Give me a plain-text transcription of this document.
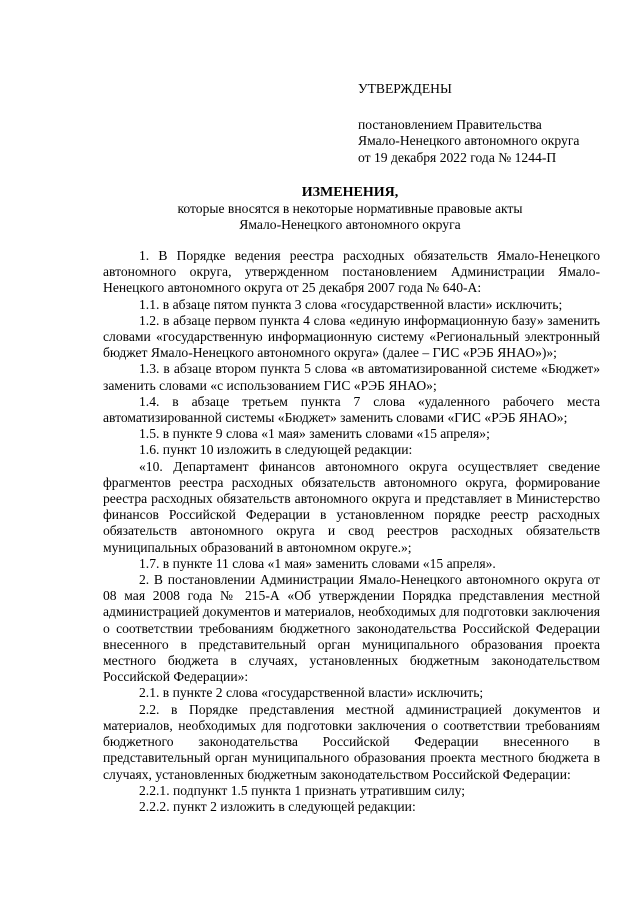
УТВЕРЖДЕНЫ
постановлением Правительства
Ямало-Ненецкого автономного округа
от 19 декабря 2022 года № 1244-П
ИЗМЕНЕНИЯ,
которые вносятся в некоторые нормативные правовые акты
Ямало-Ненецкого автономного округа

1. В Порядке ведения реестра расходных обязательств Ямало-Ненецкого автономного округа, утвержденном постановлением Администрации Ямало-Ненецкого автономного округа от 25 декабря 2007 года № 640-А:

1.1. в абзаце пятом пункта 3 слова «государственной власти» исключить;

1.2. в абзаце первом пункта 4 слова «единую информационную базу» заменить словами «государственную информационную систему «Региональный электронный бюджет Ямало-Ненецкого автономного округа» (далее – ГИС «РЭБ ЯНАО»)»;

1.3. в абзаце втором пункта 5 слова «в автоматизированной системе «Бюджет» заменить словами «с использованием ГИС «РЭБ ЯНАО»;

1.4. в абзаце третьем пункта 7 слова «удаленного рабочего места автоматизированной системы «Бюджет» заменить словами «ГИС «РЭБ ЯНАО»;

1.5. в пункте 9 слова «1 мая» заменить словами «15 апреля»;

1.6. пункт 10 изложить в следующей редакции:

«10. Департамент финансов автономного округа осуществляет сведение фрагментов реестра расходных обязательств автономного округа, формирование реестра расходных обязательств автономного округа и представляет в Министерство финансов Российской Федерации в установленном порядке реестр расходных обязательств автономного округа и свод реестров расходных обязательств муниципальных образований в автономном округе.»;

1.7. в пункте 11 слова «1 мая» заменить словами «15 апреля».

2. В постановлении Администрации Ямало-Ненецкого автономного округа от 08 мая 2008 года № 215-А «Об утверждении Порядка представления местной администрацией документов и материалов, необходимых для подготовки заключения о соответствии требованиям бюджетного законодательства Российской Федерации внесенного в представительный орган муниципального образования проекта местного бюджета в случаях, установленных бюджетным законодательством Российской Федерации»:

2.1. в пункте 2 слова «государственной власти» исключить;

2.2. в Порядке представления местной администрацией документов и материалов, необходимых для подготовки заключения о соответствии требованиям бюджетного законодательства Российской Федерации внесенного в представительный орган муниципального образования проекта местного бюджета в случаях, установленных бюджетным законодательством Российской Федерации:

2.2.1. подпункт 1.5 пункта 1 признать утратившим силу;

2.2.2. пункт 2 изложить в следующей редакции:
